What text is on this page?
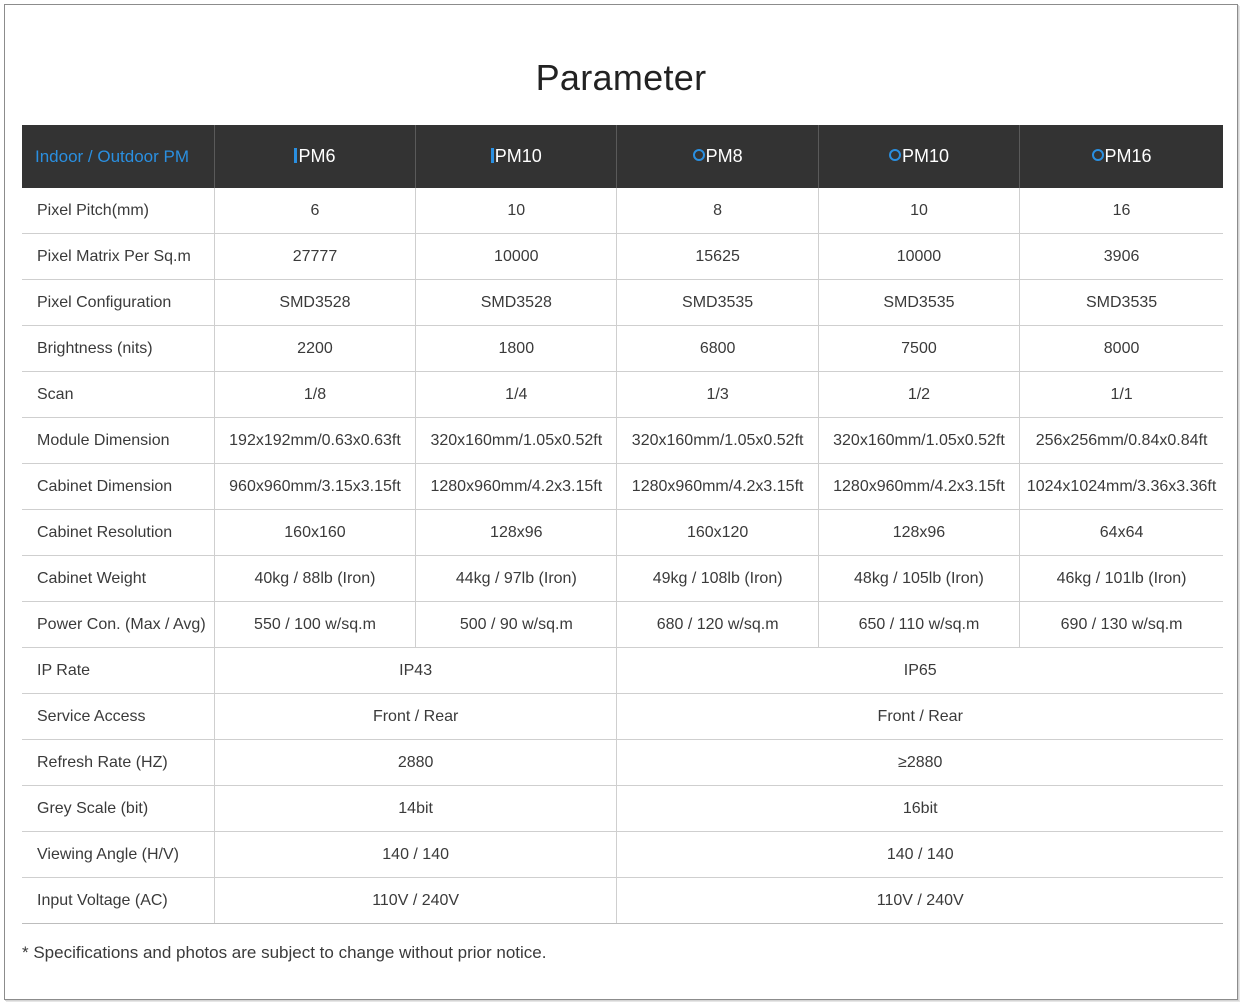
Parameter
Indoor / Outdoor PM	PM6	PM10	PM8	PM10	PM16
Pixel Pitch(mm)	6	10	8	10	16
Pixel Matrix Per Sq.m	27777	10000	15625	10000	3906
Pixel Configuration	SMD3528	SMD3528	SMD3535	SMD3535	SMD3535
Brightness (nits)	2200	1800	6800	7500	8000
Scan	1/8	1/4	1/3	1/2	1/1
Module Dimension	192x192mm/0.63x0.63ft	320x160mm/1.05x0.52ft	320x160mm/1.05x0.52ft	320x160mm/1.05x0.52ft	256x256mm/0.84x0.84ft
Cabinet Dimension	960x960mm/3.15x3.15ft	1280x960mm/4.2x3.15ft	1280x960mm/4.2x3.15ft	1280x960mm/4.2x3.15ft	1024x1024mm/3.36x3.36ft
Cabinet Resolution	160x160	128x96	160x120	128x96	64x64
Cabinet Weight	40kg / 88lb (Iron)	44kg / 97lb (Iron)	49kg / 108lb (Iron)	48kg / 105lb (Iron)	46kg / 101lb (Iron)
Power Con. (Max / Avg)	550 / 100 w/sq.m	500 / 90 w/sq.m	680 / 120 w/sq.m	650 / 110 w/sq.m	690 / 130 w/sq.m
IP Rate	IP43		IP65		
Service Access	Front / Rear		Front / Rear		
Refresh Rate (HZ)	2880		≥2880		
Grey Scale (bit)	14bit		16bit		
Viewing Angle (H/V)	140 / 140		140 / 140		
Input Voltage (AC)	110V / 240V		110V / 240V		
* Specifications and photos are subject to change without prior notice.
